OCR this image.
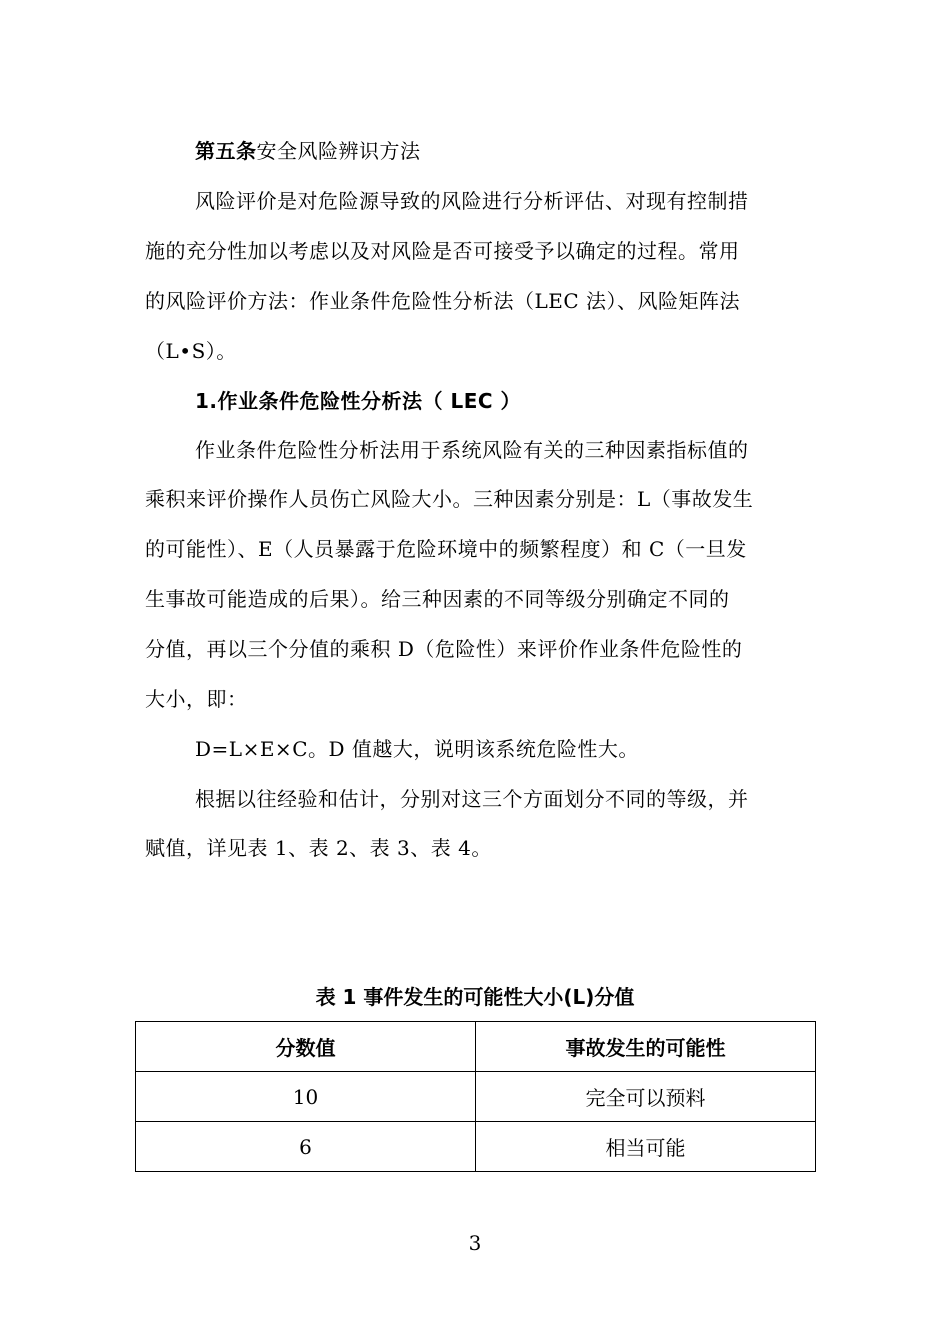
第五条安全风险辨识方法
风险评价是对危险源导致的风险进行分析评估、对现有控制措
施的充分性加以考虑以及对风险是否可接受予以确定的过程。常用
的风险评价方法：作业条件危险性分析法（LEC 法）、风险矩阵法
（L•S）。
1.作业条件危险性分析法（ LEC ）
作业条件危险性分析法用于系统风险有关的三种因素指标值的
乘积来评价操作人员伤亡风险大小。三种因素分别是：L（事故发生
的可能性）、E（人员暴露于危险环境中的频繁程度）和 C（一旦发
生事故可能造成的后果）。给三种因素的不同等级分别确定不同的
分值，再以三个分值的乘积 D（危险性）来评价作业条件危险性的
大小，即：
D=L×E×C。D 值越大，说明该系统危险性大。
根据以往经验和估计，分别对这三个方面划分不同的等级，并
赋值，详见表 1、表 2、表 3、表 4。
表 1 事件发生的可能性大小(L)分值
分数值	事故发生的可能性
10	完全可以预料
6	相当可能
3
